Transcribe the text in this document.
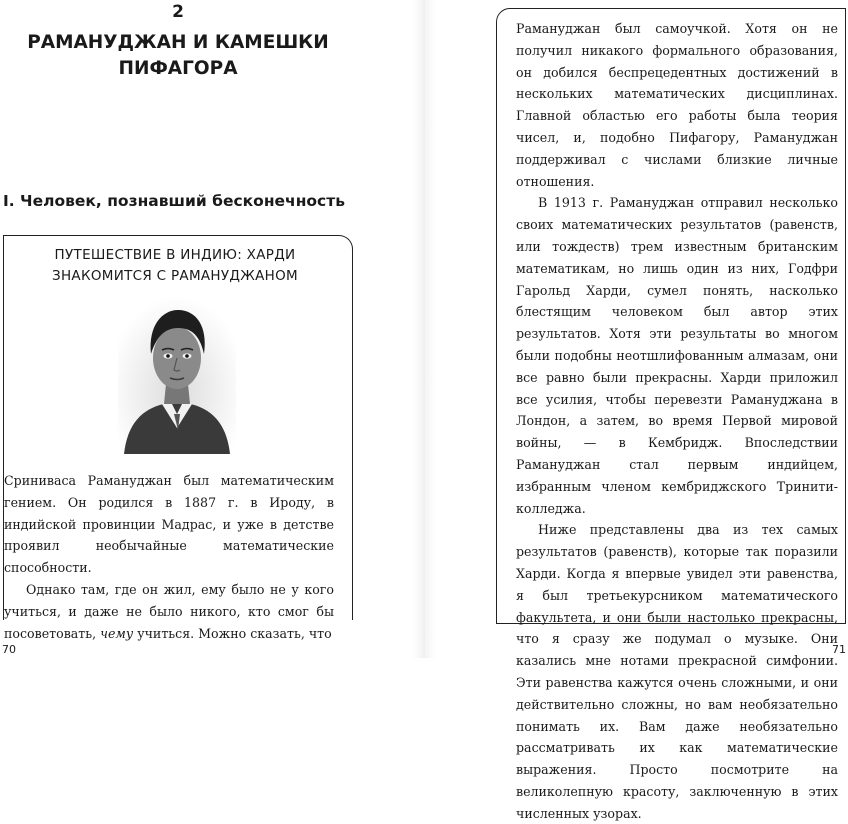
2
РАМАНУДЖАН И КАМЕШКИ
ПИФАГОРА
I. Человек, познавший бесконечность
ПУТЕШЕСТВИЕ В ИНДИЮ: ХАРДИ
ЗНАКОМИТСЯ С РАМАНУДЖАНОМ

Сриниваса Рамануджан был математическим гением. Он родился в 1887 г. в Ироду, в индийской провинции Мадрас, и уже в детстве проявил необычайные математические способности.

Однако там, где он жил, ему было не у кого учиться, и даже не было никого, кто смог бы посоветовать, чему учиться. Можно сказать, что

70

Рамануджан был самоучкой. Хотя он не получил никакого формального образования, он добился беспрецедентных достижений в нескольких математических дисциплинах. Главной областью его работы была теория чисел, и, подобно Пифагору, Рамануджан поддерживал с числами близкие личные отношения.

В 1913 г. Рамануджан отправил несколько своих математических результатов (равенств, или тождеств) трем известным британским математикам, но лишь один из них, Годфри Гарольд Харди, сумел понять, насколько блестящим человеком был автор этих результатов. Хотя эти результаты во многом были подобны неотшлифованным алмазам, они все равно были прекрасны. Харди приложил все усилия, чтобы перевезти Рамануджана в Лондон, а затем, во время Первой мировой войны, — в Кембридж. Впоследствии Рамануджан стал первым индийцем, избранным членом кембриджского Тринити-колледжа.

Ниже представлены два из тех самых результатов (равенств), которые так поразили Харди. Когда я впервые увидел эти равенства, я был третьекурсником математического факультета, и они были настолько прекрасны, что я сразу же подумал о музыке. Они казались мне нотами прекрасной симфонии. Эти равенства кажутся очень сложными, и они действительно сложны, но вам необязательно понимать их. Вам даже необязательно рассматривать их как математические выражения. Просто посмотрите на великолепную красоту, заключенную в этих численных узорах.

71
